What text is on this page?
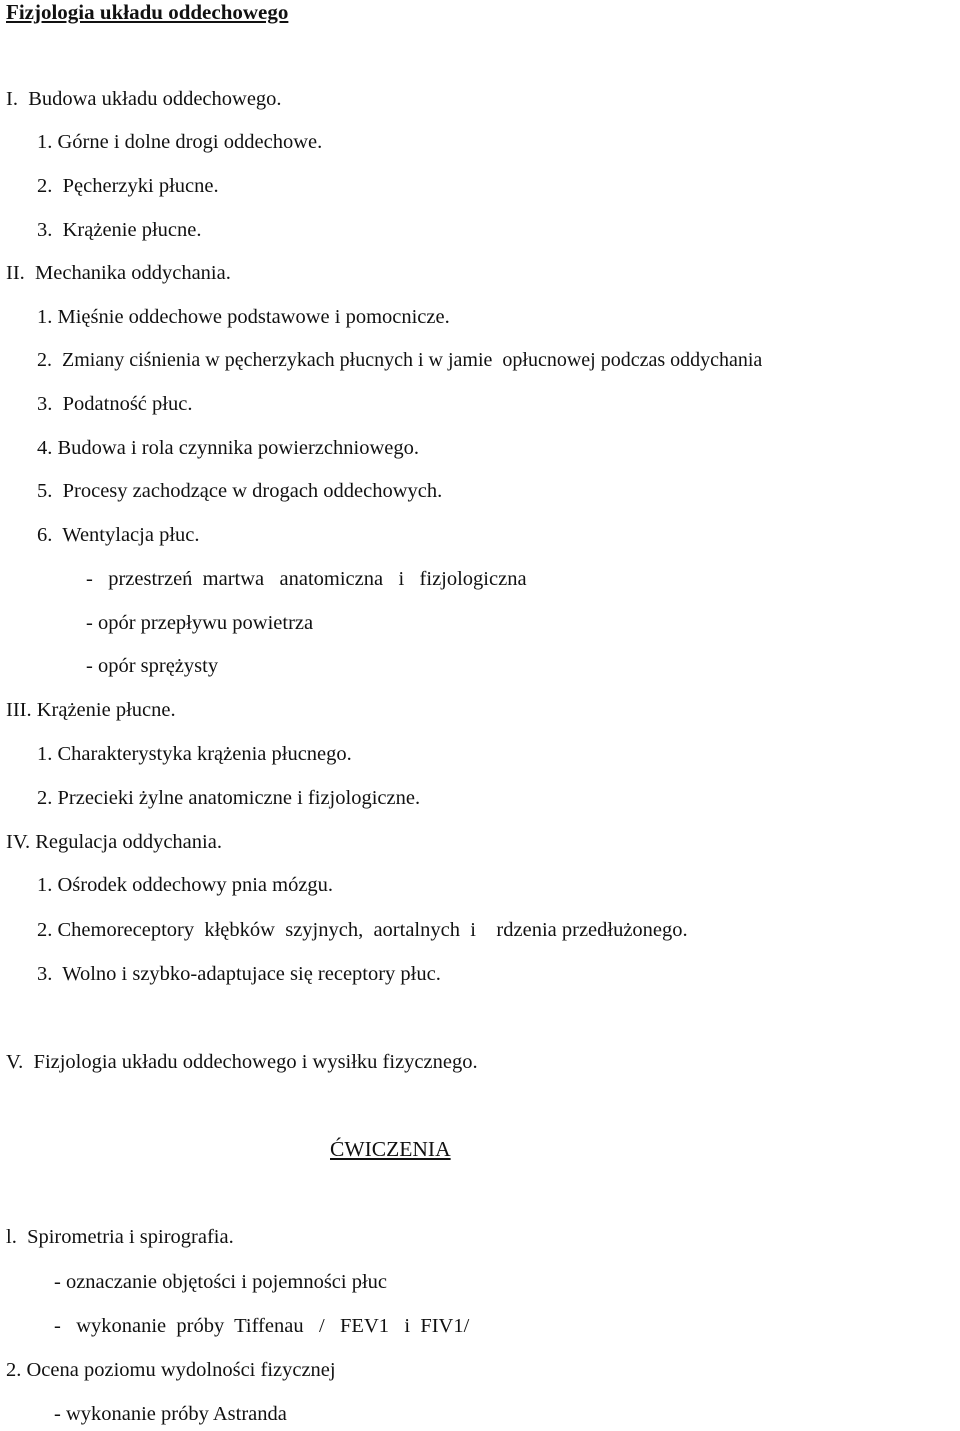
Fizjologia układu oddechowego
I.  Budowa układu oddechowego.
1. Górne i dolne drogi oddechowe.
2.  Pęcherzyki płucne.
3.  Krążenie płucne.
II.  Mechanika oddychania.
1. Mięśnie oddechowe podstawowe i pomocnicze.
2.  Zmiany ciśnienia w pęcherzykach płucnych i w jamie  opłucnowej podczas oddychania
3.  Podatność płuc.
4. Budowa i rola czynnika powierzchniowego.
5.  Procesy zachodzące w drogach oddechowych.
6.  Wentylacja płuc.
-   przestrzeń  martwa   anatomiczna   i   fizjologiczna
- opór przepływu powietrza
- opór sprężysty
III. Krążenie płucne.
1. Charakterystyka krążenia płucnego.
2. Przecieki żylne anatomiczne i fizjologiczne.
IV. Regulacja oddychania.
1. Ośrodek oddechowy pnia mózgu.
2. Chemoreceptory  kłębków  szyjnych,  aortalnych  i    rdzenia przedłużonego.
3.  Wolno i szybko-adaptujace się receptory płuc.
V.  Fizjologia układu oddechowego i wysiłku fizycznego.
ĆWICZENIA
l.  Spirometria i spirografia.
- oznaczanie objętości i pojemności płuc
-   wykonanie  próby  Tiffenau   /   FEV1   i  FIV1/
2. Ocena poziomu wydolności fizycznej
- wykonanie próby Astranda
